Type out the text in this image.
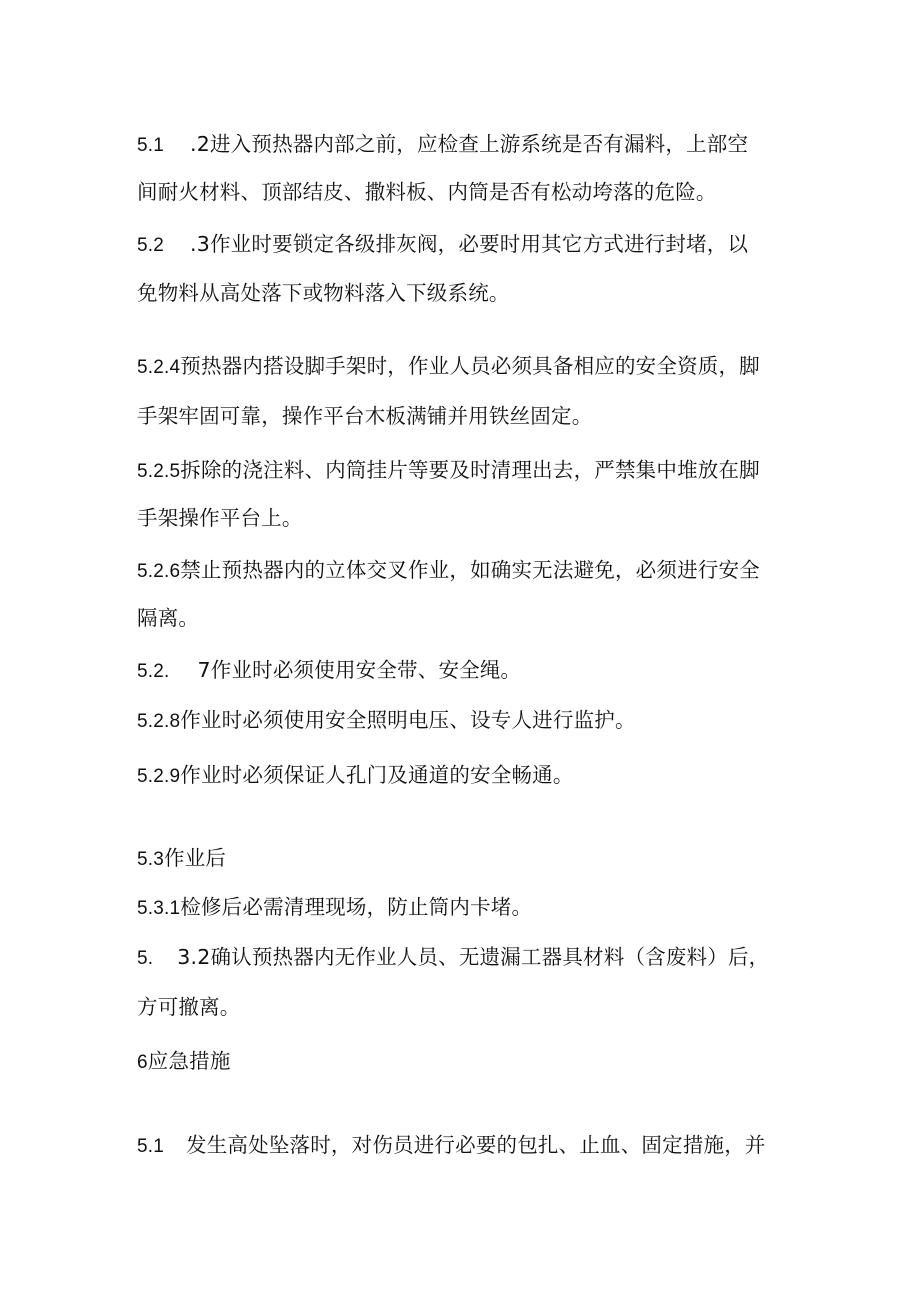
5.1 .2进入预热器内部之前，应检查上游系统是否有漏料，上部空
间耐火材料、顶部结皮、撒料板、内筒是否有松动垮落的危险。
5.2 .3作业时要锁定各级排灰阀，必要时用其它方式进行封堵，以
免物料从高处落下或物料落入下级系统。
5.2.4预热器内搭设脚手架时，作业人员必须具备相应的安全资质，脚
手架牢固可靠，操作平台木板满铺并用铁丝固定。
5.2.5拆除的浇注料、内筒挂片等要及时清理出去，严禁集中堆放在脚
手架操作平台上。
5.2.6禁止预热器内的立体交叉作业，如确实无法避免，必须进行安全
隔离。
5.2. 7作业时必须使用安全带、安全绳。
5.2.8作业时必须使用安全照明电压、设专人进行监护。
5.2.9作业时必须保证人孔门及通道的安全畅通。
5.3作业后
5.3.1检修后必需清理现场，防止筒内卡堵。
5. 3.2确认预热器内无作业人员、无遗漏工器具材料（含废料）后，
方可撤离。
6应急措施
5.1 发生高处坠落时，对伤员进行必要的包扎、止血、固定措施，并
